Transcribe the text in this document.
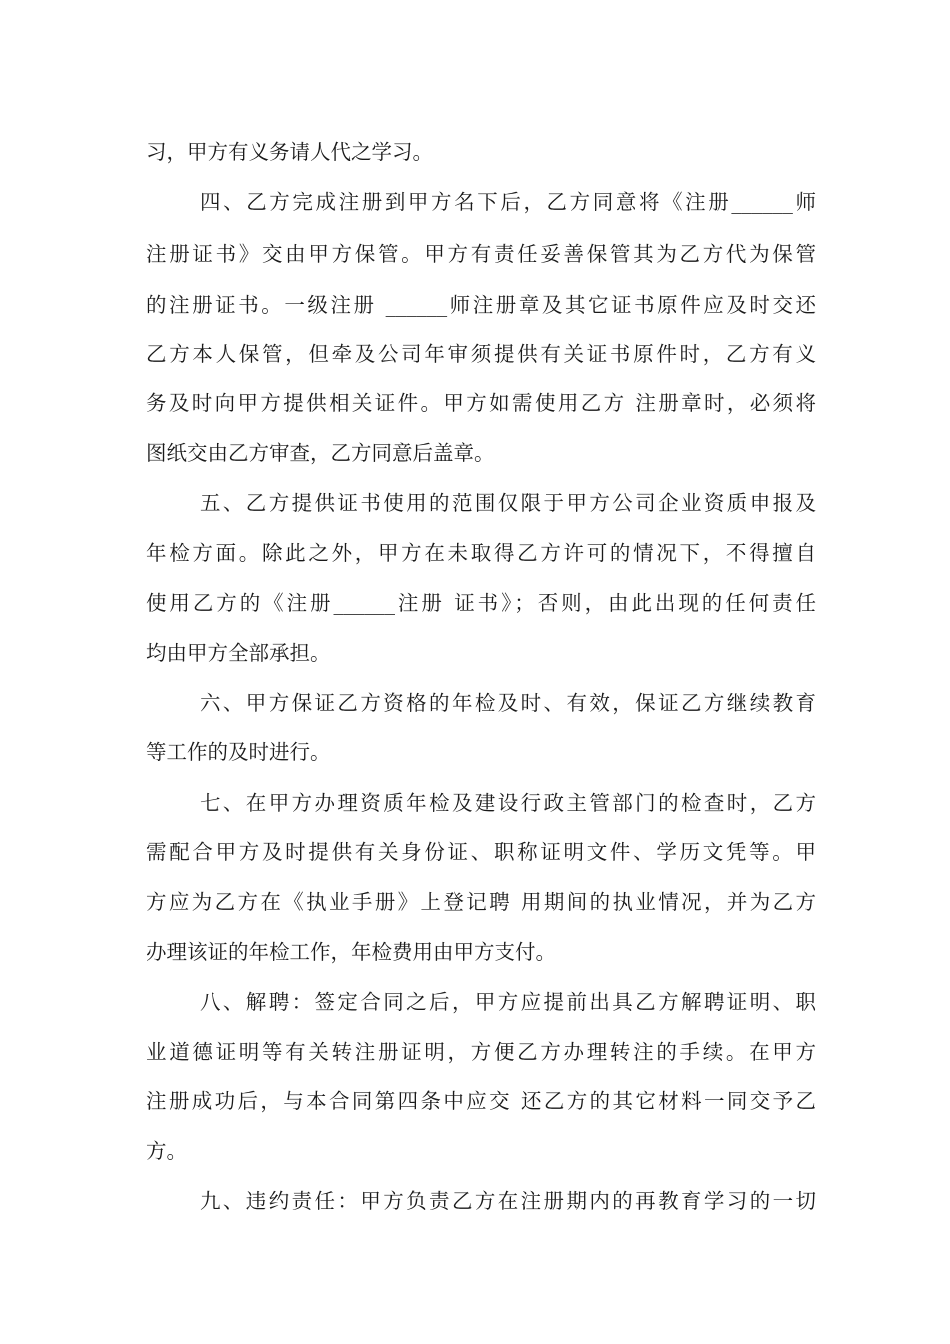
习，甲方有义务请人代之学习。
四、乙方完成注册到甲方名下后，乙方同意将《注册______师
注册证书》交由甲方保管。甲方有责任妥善保管其为乙方代为保管
的注册证书。一级注册 ______师注册章及其它证书原件应及时交还
乙方本人保管，但牵及公司年审须提供有关证书原件时，乙方有义
务及时向甲方提供相关证件。甲方如需使用乙方 注册章时，必须将
图纸交由乙方审查，乙方同意后盖章。
五、乙方提供证书使用的范围仅限于甲方公司企业资质申报及
年检方面。除此之外，甲方在未取得乙方许可的情况下，不得擅自
使用乙方的《注册______注册 证书》；否则，由此出现的任何责任
均由甲方全部承担。
六、甲方保证乙方资格的年检及时、有效，保证乙方继续教育
等工作的及时进行。
七、在甲方办理资质年检及建设行政主管部门的检查时，乙方
需配合甲方及时提供有关身份证、职称证明文件、学历文凭等。甲
方应为乙方在《执业手册》上登记聘 用期间的执业情况，并为乙方
办理该证的年检工作，年检费用由甲方支付。
八、解聘：签定合同之后，甲方应提前出具乙方解聘证明、职
业道德证明等有关转注册证明，方便乙方办理转注的手续。在甲方
注册成功后，与本合同第四条中应交 还乙方的其它材料一同交予乙
方。
九、违约责任：甲方负责乙方在注册期内的再教育学习的一切
